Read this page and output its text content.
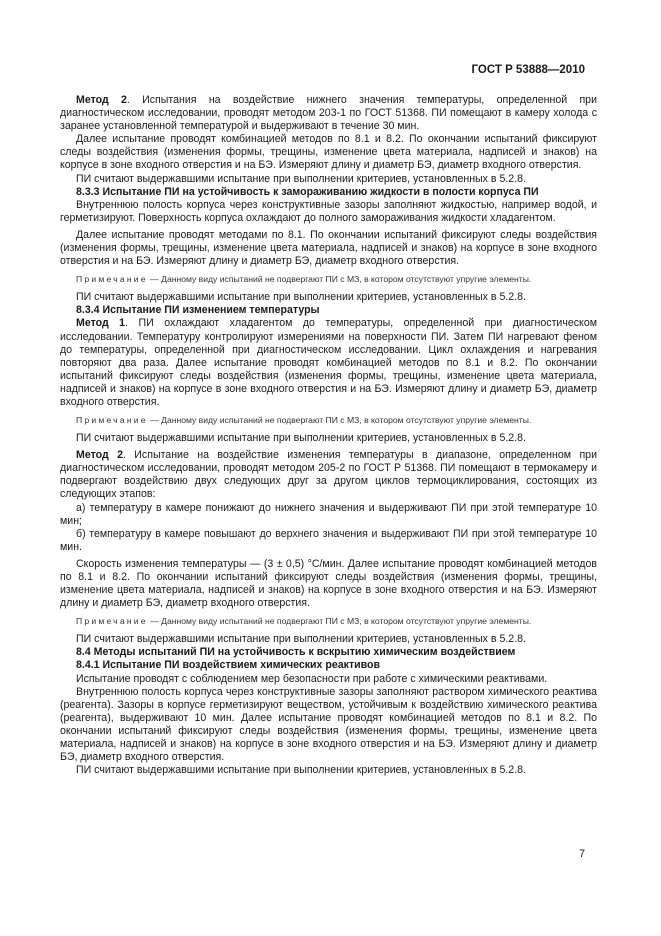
ГОСТ Р 53888—2010

Метод 2. Испытания на воздействие нижнего значения температуры, определенной при диагностическом исследовании, проводят методом 203-1 по ГОСТ 51368. ПИ помещают в камеру холода с заранее установленной температурой и выдерживают в течение 30 мин.

Далее испытание проводят комбинацией методов по 8.1 и 8.2. По окончании испытаний фиксируют следы воздействия (изменения формы, трещины, изменение цвета материала, надписей и знаков) на корпусе в зоне входного отверстия и на БЭ. Измеряют длину и диаметр БЭ, диаметр входного отверстия.

ПИ считают выдержавшими испытание при выполнении критериев, установленных в 5.2.8.

8.3.3 Испытание ПИ на устойчивость к замораживанию жидкости в полости корпуса ПИ

Внутреннюю полость корпуса через конструктивные зазоры заполняют жидкостью, например водой, и герметизируют. Поверхность корпуса охлаждают до полного замораживания жидкости хладагентом.

Далее испытание проводят методами по 8.1. По окончании испытаний фиксируют следы воздействия (изменения формы, трещины, изменение цвета материала, надписей и знаков) на корпусе в зоне входного отверстия и на БЭ. Измеряют длину и диаметр БЭ, диаметр входного отверстия.

Примечание — Данному виду испытаний не подвергают ПИ с МЗ, в котором отсутствуют упругие элементы.

ПИ считают выдержавшими испытание при выполнении критериев, установленных в 5.2.8.

8.3.4 Испытание ПИ изменением температуры

Метод 1. ПИ охлаждают хладагентом до температуры, определенной при диагностическом исследовании. Температуру контролируют измерениями на поверхности ПИ. Затем ПИ нагревают феном до температуры, определенной при диагностическом исследовании. Цикл охлаждения и нагревания повторяют два раза. Далее испытание проводят комбинацией методов по 8.1 и 8.2. По окончании испытаний фиксируют следы воздействия (изменения формы, трещины, изменение цвета материала, надписей и знаков) на корпусе в зоне входного отверстия и на БЭ. Измеряют длину и диаметр БЭ, диаметр входного отверстия.

Примечание — Данному виду испытаний не подвергают ПИ с МЗ, в котором отсутствуют упругие элементы.

ПИ считают выдержавшими испытание при выполнении критериев, установленных в 5.2.8.

Метод 2. Испытание на воздействие изменения температуры в диапазоне, определенном при диагностическом исследовании, проводят методом 205-2 по ГОСТ Р 51368. ПИ помещают в термокамеру и подвергают воздействию двух следующих друг за другом циклов термоциклирования, состоящих из следующих этапов:

а) температуру в камере понижают до нижнего значения и выдерживают ПИ при этой температуре 10 мин;

б) температуру в камере повышают до верхнего значения и выдерживают ПИ при этой температуре 10 мин.

Скорость изменения температуры — (3 ± 0,5) °С/мин. Далее испытание проводят комбинацией методов по 8.1 и 8.2. По окончании испытаний фиксируют следы воздействия (изменения формы, трещины, изменение цвета материала, надписей и знаков) на корпусе в зоне входного отверстия и на БЭ. Измеряют длину и диаметр БЭ, диаметр входного отверстия.

Примечание — Данному виду испытаний не подвергают ПИ с МЗ, в котором отсутствуют упругие элементы.

ПИ считают выдержавшими испытание при выполнении критериев, установленных в 5.2.8.

8.4 Методы испытаний ПИ на устойчивость к вскрытию химическим воздействием

8.4.1 Испытание ПИ воздействием химических реактивов

Испытание проводят с соблюдением мер безопасности при работе с химическими реактивами.

Внутреннюю полость корпуса через конструктивные зазоры заполняют раствором химического реактива (реагента). Зазоры в корпусе герметизируют веществом, устойчивым к воздействию химического реактива (реагента), выдерживают 10 мин. Далее испытание проводят комбинацией методов по 8.1 и 8.2. По окончании испытаний фиксируют следы воздействия (изменения формы, трещины, изменение цвета материала, надписей и знаков) на корпусе в зоне входного отверстия и на БЭ. Измеряют длину и диаметр БЭ, диаметр входного отверстия.

ПИ считают выдержавшими испытание при выполнении критериев, установленных в 5.2.8.

7
